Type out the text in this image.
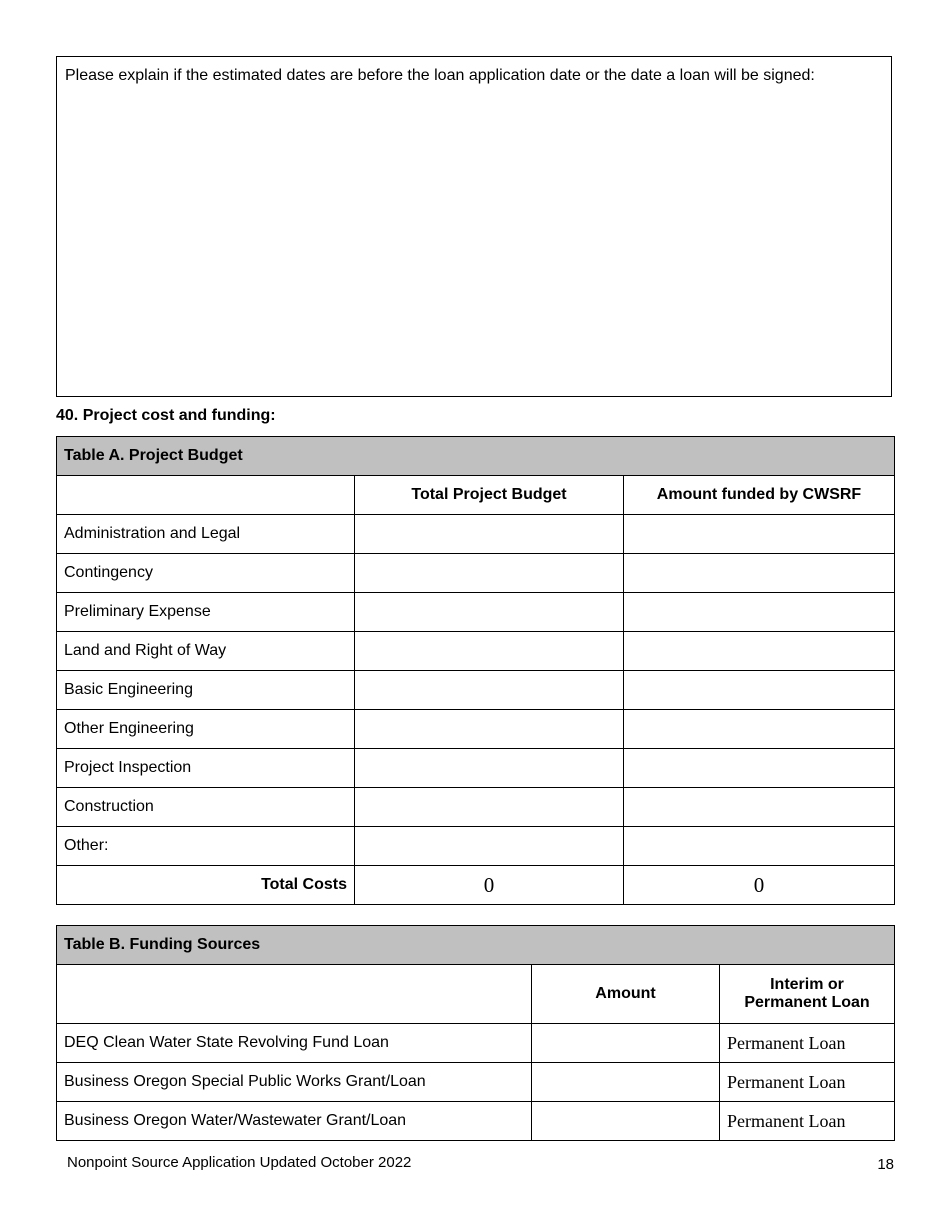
Please explain if the estimated dates are before the loan application date or the date a loan will be signed:
40. Project cost and funding:
Table A. Project Budget		
	Total Project Budget	Amount funded by CWSRF
Administration and Legal		
Contingency		
Preliminary Expense		
Land and Right of Way		
Basic Engineering		
Other Engineering		
Project Inspection		
Construction		
Other:		
Total Costs	0	0
Table B. Funding Sources		
	Amount	Interim or Permanent Loan
DEQ Clean Water State Revolving Fund Loan		Permanent Loan
Business Oregon Special Public Works Grant/Loan		Permanent Loan
Business Oregon Water/Wastewater Grant/Loan		Permanent Loan
Nonpoint Source Application Updated October 2022	18
